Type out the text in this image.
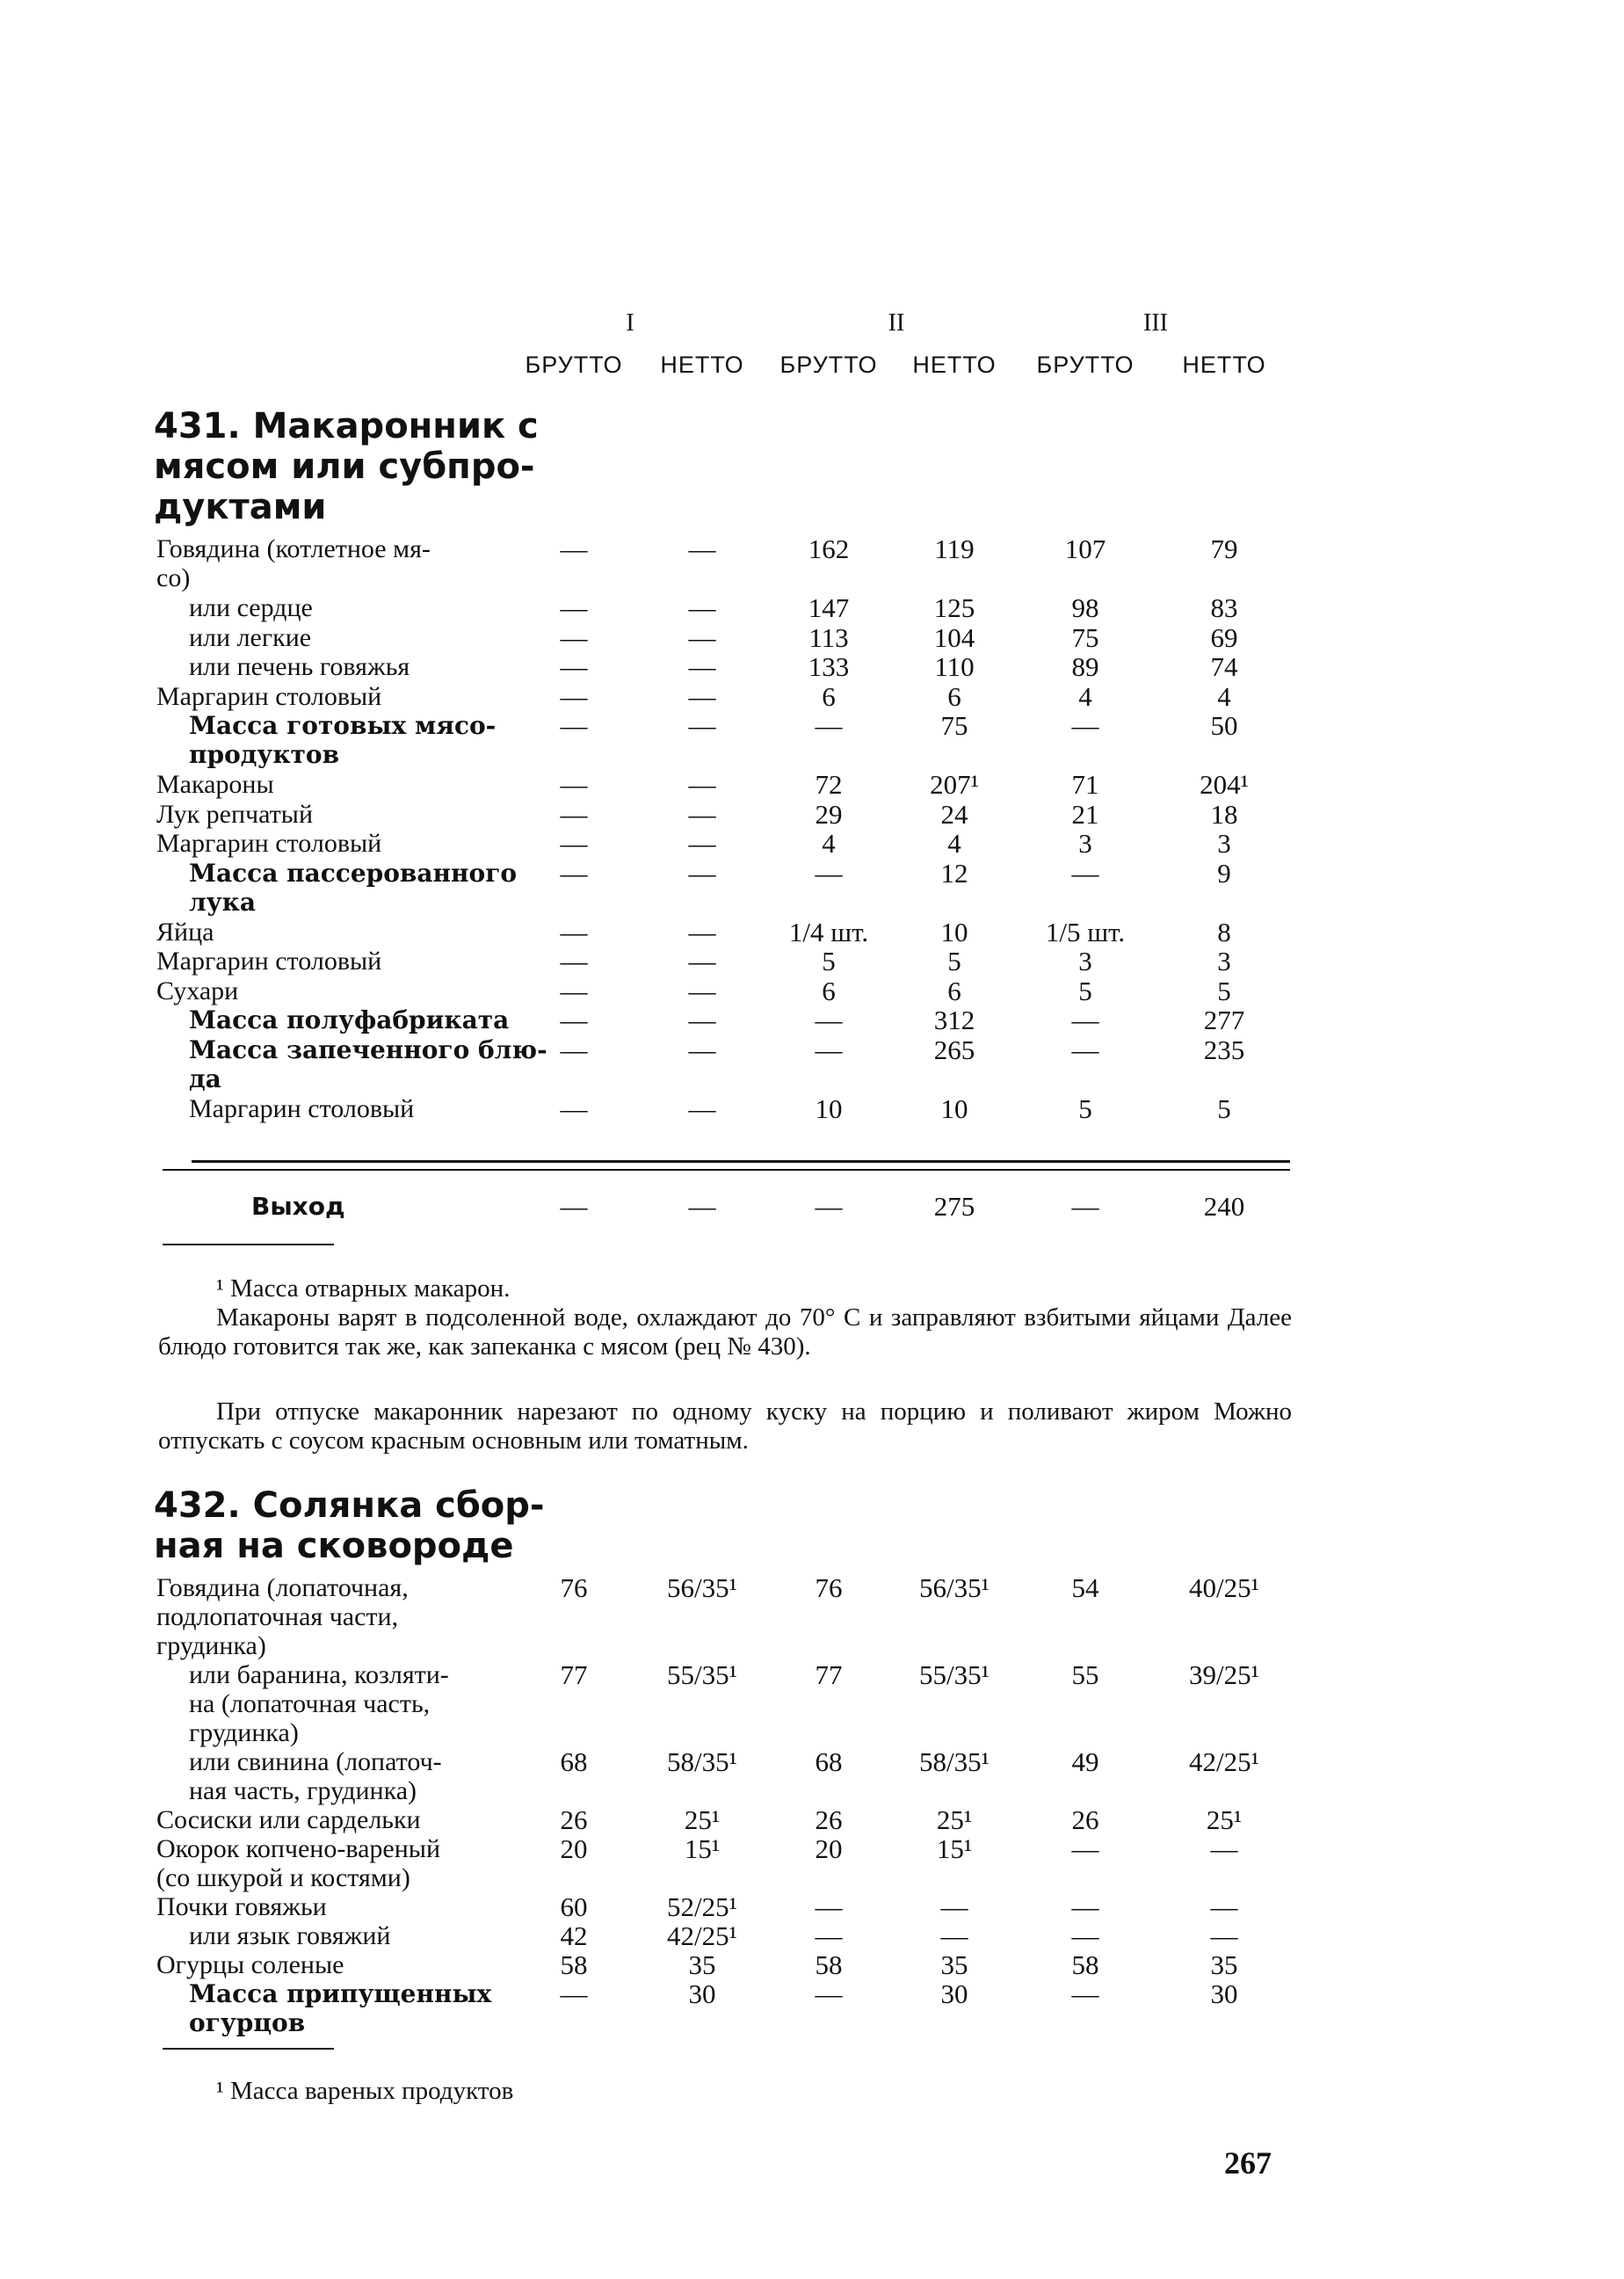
I	II	III
БРУТТО	НЕТТО	БРУТТО	НЕТТО	БРУТТО	НЕТТО
431. Макаронник с
мясом или субпро-
дуктами
Говядина (котлетное мя-
со)
—	—	162	119	107	79
или сердце	—	—	147	125	98	83
или легкие	—	—	113	104	75	69
или печень говяжья	—	—	133	110	89	74
Маргарин столовый	—	—	6	6	4	4
Масса готовых мясо-
продуктов
—	—	—	75	—	50
Макароны	—	—	72	207¹	71	204¹
Лук репчатый	—	—	29	24	21	18
Маргарин столовый	—	—	4	4	3	3
Масса пассерованного
лука
—	—	—	12	—	9
Яйца	—	—	1/4 шт.	10	1/5 шт.	8
Маргарин столовый	—	—	5	5	3	3
Сухари	—	—	6	6	5	5
Масса полуфабриката	—	—	—	312	—	277
Масса запеченного блю-
да
—	—	—	265	—	235
Маргарин столовый	—	—	10	10	5	5
Выход	—	—	—	275	—	240
¹ Масса отварных макарон.
Макароны варят в подсоленной воде, охлаждают до 70° С и заправляют взбитыми яйцами Далее блюдо готовится так же, как запеканка с мясом (рец № 430).
При отпуске макаронник нарезают по одному куску на порцию и поливают жиром Можно отпускать с соусом красным основным или томатным.
432. Солянка сбор-
ная на сковороде
Говядина (лопаточная,
подлопаточная части,
грудинка)
76	56/35¹	76	56/35¹	54	40/25¹
или баранина, козляти-
на (лопаточная часть,
грудинка)
77	55/35¹	77	55/35¹	55	39/25¹
или свинина (лопаточ-
ная часть, грудинка)
68	58/35¹	68	58/35¹	49	42/25¹
Сосиски или сардельки	26	25¹	26	25¹	26	25¹
Окорок копчено-вареный
(со шкурой и костями)
20	15¹	20	15¹	—	—
Почки говяжьи	60	52/25¹	—	—	—	—
или язык говяжий	42	42/25¹	—	—	—	—
Огурцы соленые	58	35	58	35	58	35
Масса припущенных
огурцов
—	30	—	30	—	30
¹ Масса вареных продуктов
267
